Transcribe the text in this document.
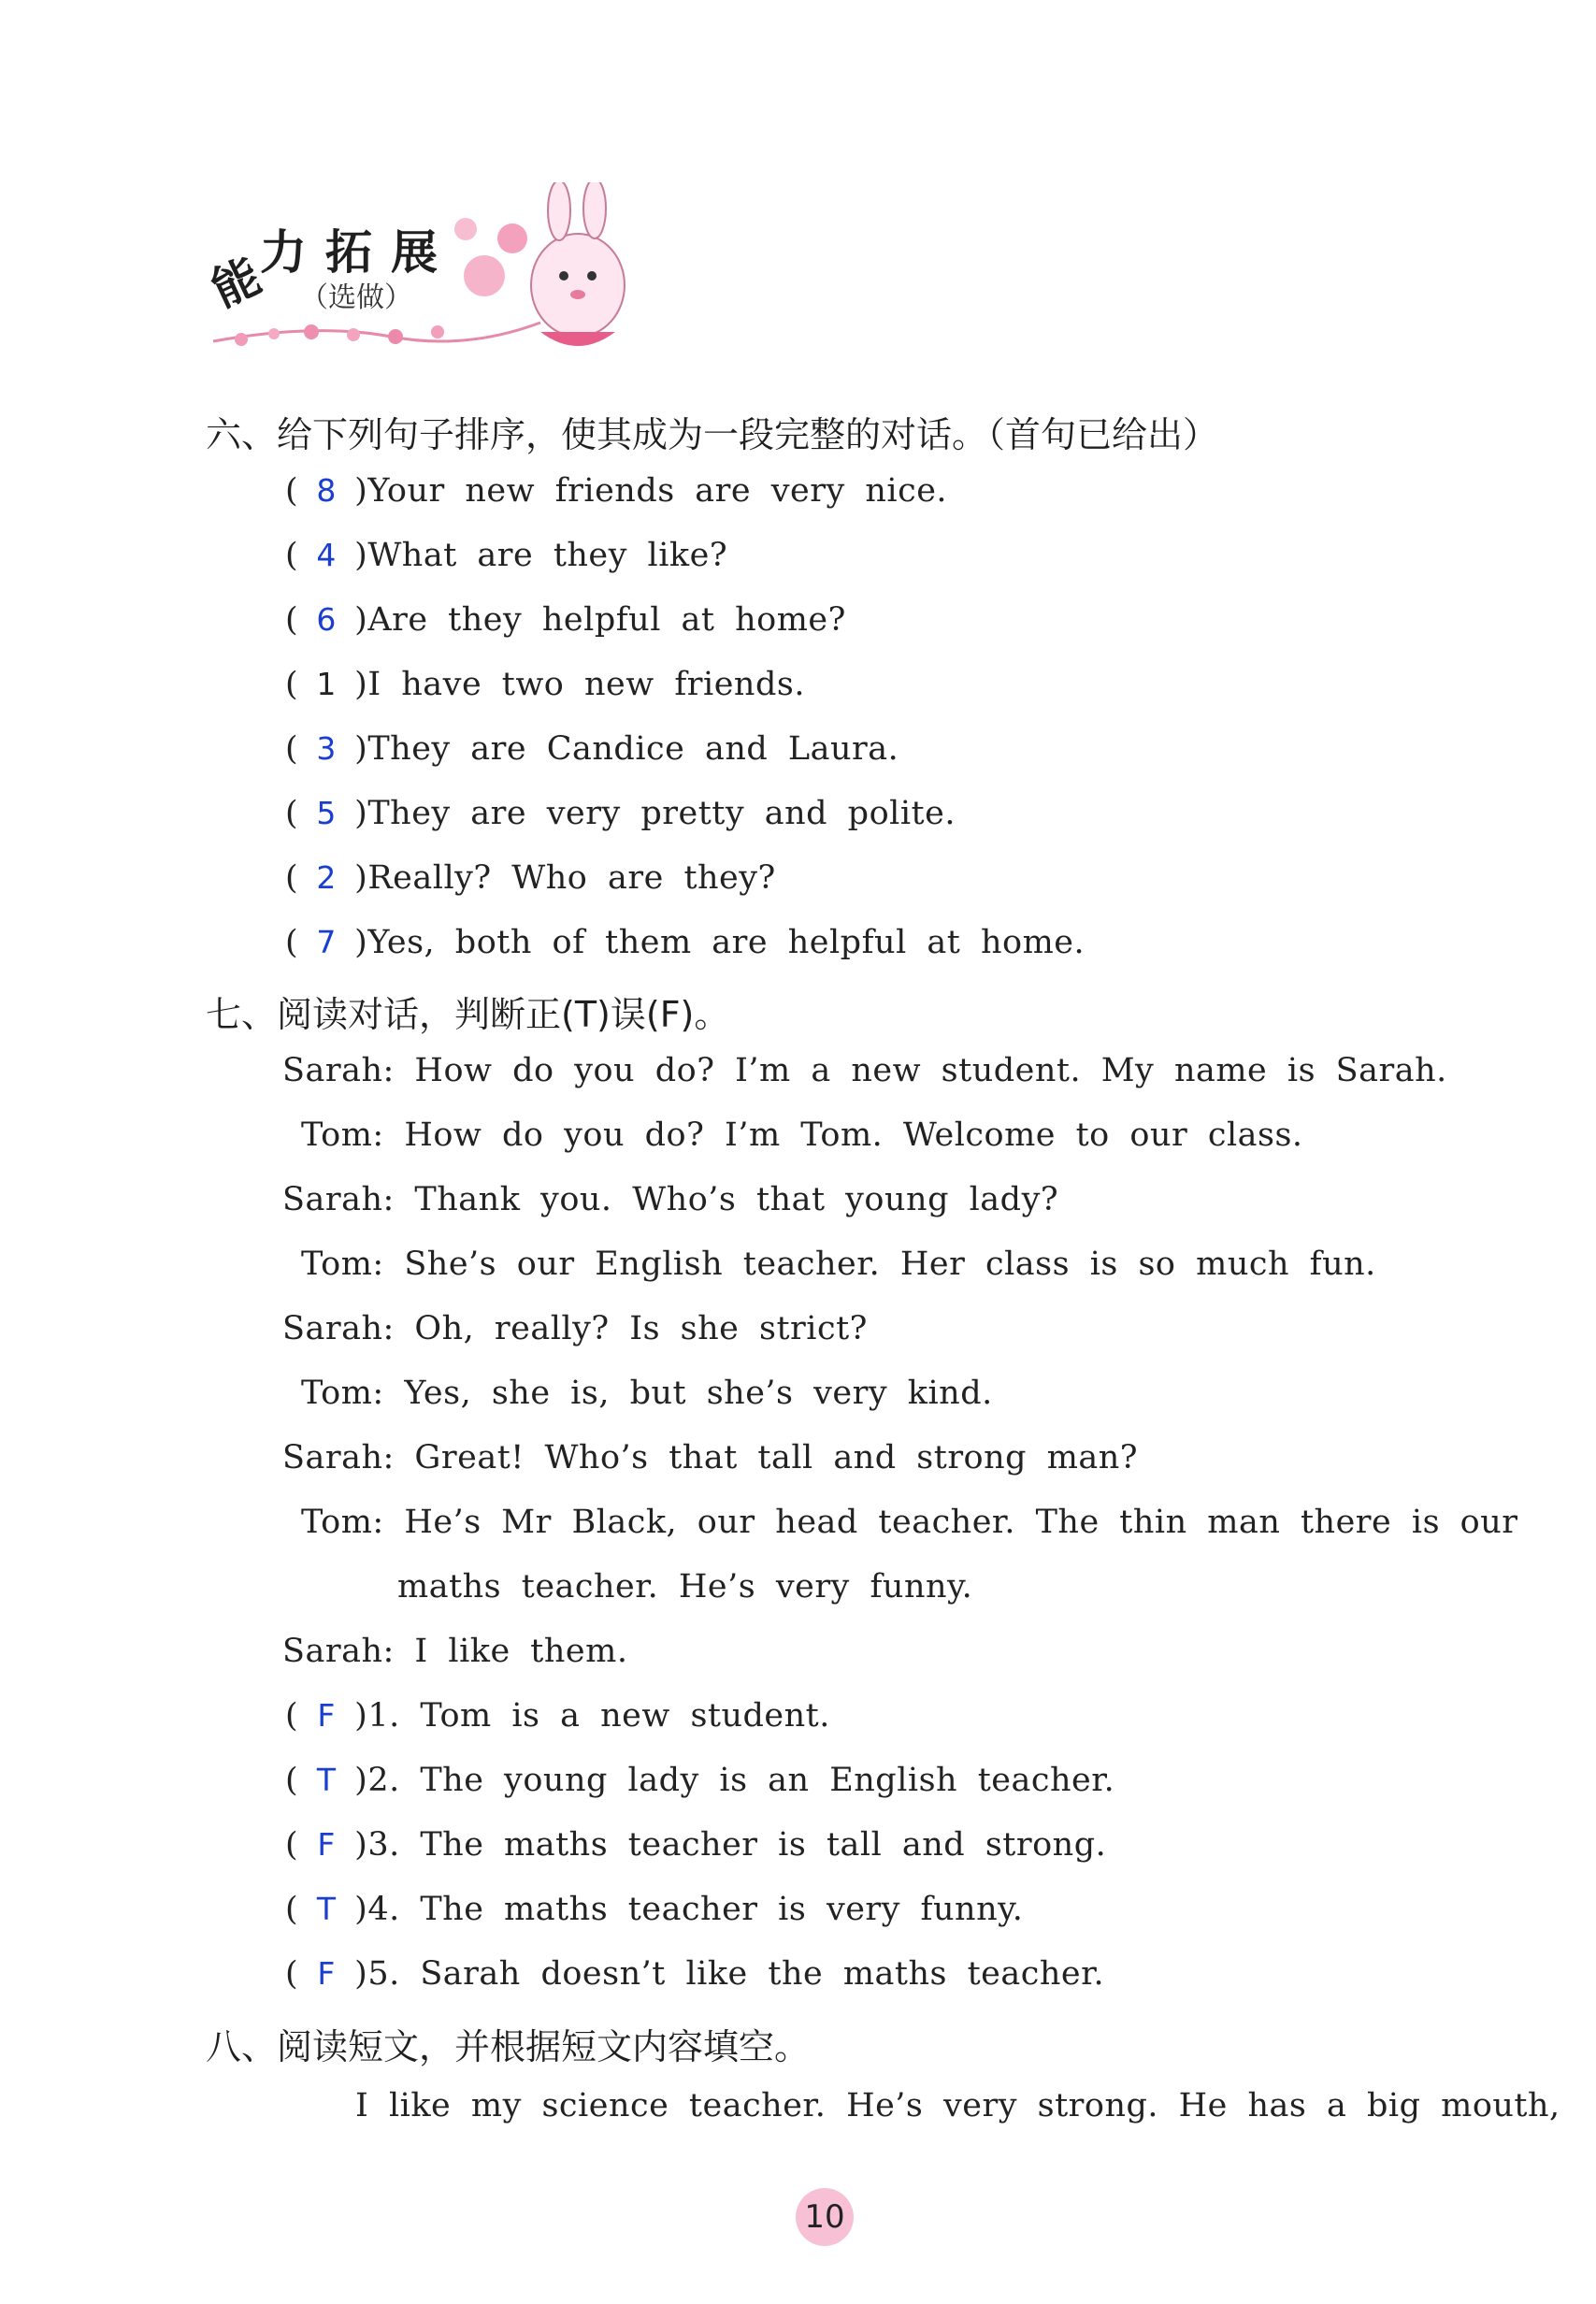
能
力 拓 展
（选做）
六、给下列句子排序，使其成为一段完整的对话。（首句已给出）
( 8 )Your new friends are very nice.
( 4 )What are they like?
( 6 )Are they helpful at home?
( 1 )I have two new friends.
( 3 )They are Candice and Laura.
( 5 )They are very pretty and polite.
( 2 )Really? Who are they?
( 7 )Yes, both of them are helpful at home.
七、阅读对话，判断正(T)误(F)。
Sarah: How do you do? I’m a new student. My name is Sarah.
Tom: How do you do? I’m Tom. Welcome to our class.
Sarah: Thank you. Who’s that young lady?
Tom: She’s our English teacher. Her class is so much fun.
Sarah: Oh, really? Is she strict?
Tom: Yes, she is, but she’s very kind.
Sarah: Great! Who’s that tall and strong man?
Tom: He’s Mr Black, our head teacher. The thin man there is our
maths teacher. He’s very funny.
Sarah: I like them.
( F )1. Tom is a new student.
( T )2. The young lady is an English teacher.
( F )3. The maths teacher is tall and strong.
( T )4. The maths teacher is very funny.
( F )5. Sarah doesn’t like the maths teacher.
八、阅读短文，并根据短文内容填空。
I like my science teacher. He’s very strong. He has a big mouth,
10
